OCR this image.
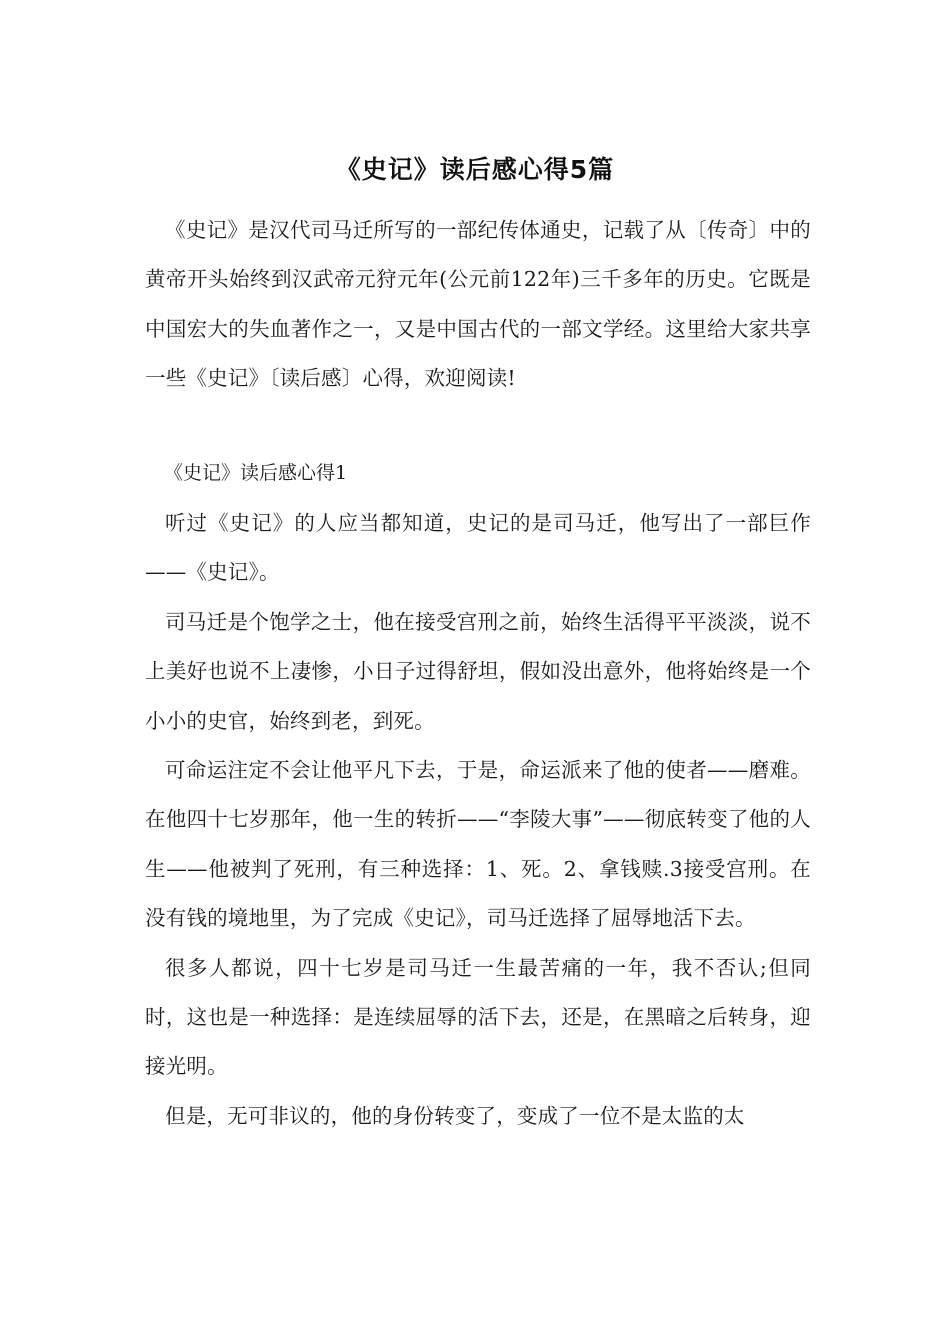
《史记》读后感心得5篇
《史记》是汉代司马迁所写的一部纪传体通史，记载了从〔传奇〕中的黄帝开头始终到汉武帝元狩元年(公元前122年)三千多年的历史。它既是中国宏大的失血著作之一，又是中国古代的一部文学经。这里给大家共享一些《史记》〔读后感〕心得，欢迎阅读!
《史记》读后感心得1

听过《史记》的人应当都知道，史记的是司马迁，他写出了一部巨作——《史记》。

司马迁是个饱学之士，他在接受宫刑之前，始终生活得平平淡淡，说不上美好也说不上凄惨，小日子过得舒坦，假如没出意外，他将始终是一个小小的史官，始终到老，到死。

可命运注定不会让他平凡下去，于是，命运派来了他的使者——磨难。在他四十七岁那年，他一生的转折——“李陵大事”——彻底转变了他的人生——他被判了死刑，有三种选择：1、死。2、拿钱赎.3接受宫刑。在没有钱的境地里，为了完成《史记》，司马迁选择了屈辱地活下去。

很多人都说，四十七岁是司马迁一生最苦痛的一年，我不否认;但同时，这也是一种选择：是连续屈辱的活下去，还是，在黑暗之后转身，迎接光明。

但是，无可非议的，他的身份转变了，变成了一位不是太监的太
